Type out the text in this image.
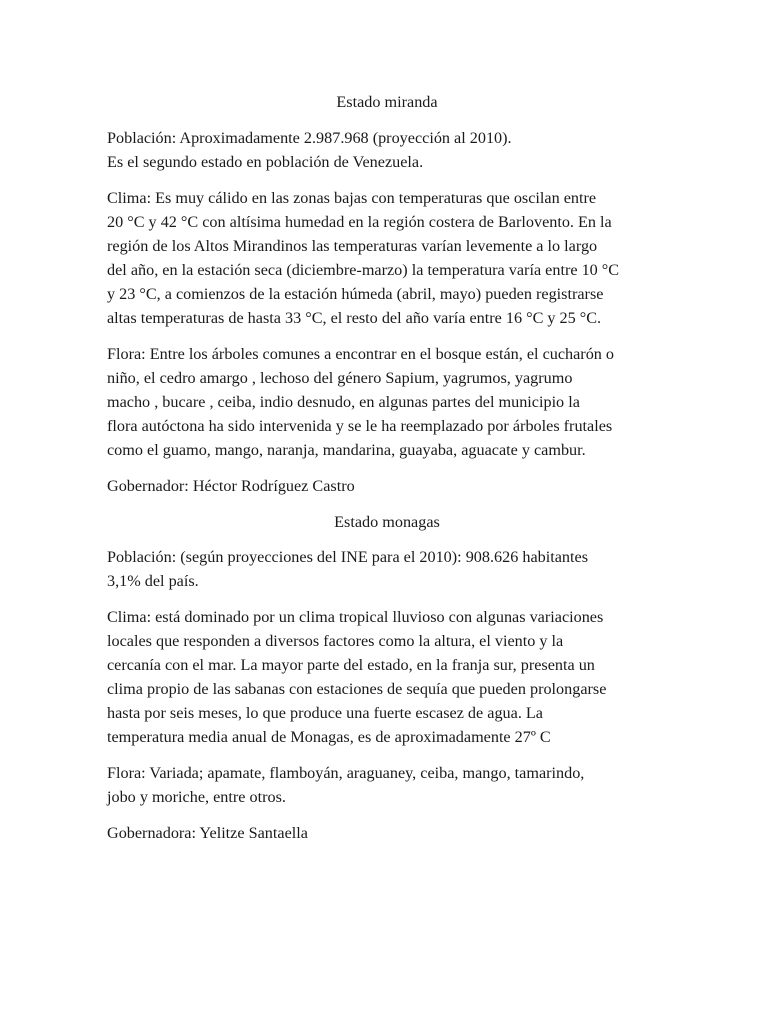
Estado miranda

Población: Aproximadamente 2.987.968 (proyección al 2010).
Es el segundo estado en población de Venezuela.

Clima: Es muy cálido en las zonas bajas con temperaturas que oscilan entre
20 °C y 42 °C con altísima humedad en la región costera de Barlovento. En la
región de los Altos Mirandinos las temperaturas varían levemente a lo largo
del año, en la estación seca (diciembre-marzo) la temperatura varía entre 10 °C
y 23 °C, a comienzos de la estación húmeda (abril, mayo) pueden registrarse
altas temperaturas de hasta 33 °C, el resto del año varía entre 16 °C y 25 °C.

Flora: Entre los árboles comunes a encontrar en el bosque están, el cucharón o
niño, el cedro amargo , lechoso del género Sapium, yagrumos, yagrumo
macho , bucare , ceiba, indio desnudo, en algunas partes del municipio la
flora autóctona ha sido intervenida y se le ha reemplazado por árboles frutales
como el guamo, mango, naranja, mandarina, guayaba, aguacate y cambur.

Gobernador: Héctor Rodríguez Castro

Estado monagas

Población: (según proyecciones del INE para el 2010): 908.626 habitantes
3,1% del país.

Clima: está dominado por un clima tropical lluvioso con algunas variaciones
locales que responden a diversos factores como la altura, el viento y la
cercanía con el mar. La mayor parte del estado, en la franja sur, presenta un
clima propio de las sabanas con estaciones de sequía que pueden prolongarse
hasta por seis meses, lo que produce una fuerte escasez de agua. La
temperatura media anual de Monagas, es de aproximadamente 27º C

Flora: Variada; apamate, flamboyán, araguaney, ceiba, mango, tamarindo,
jobo y moriche, entre otros.

Gobernadora: Yelitze Santaella
